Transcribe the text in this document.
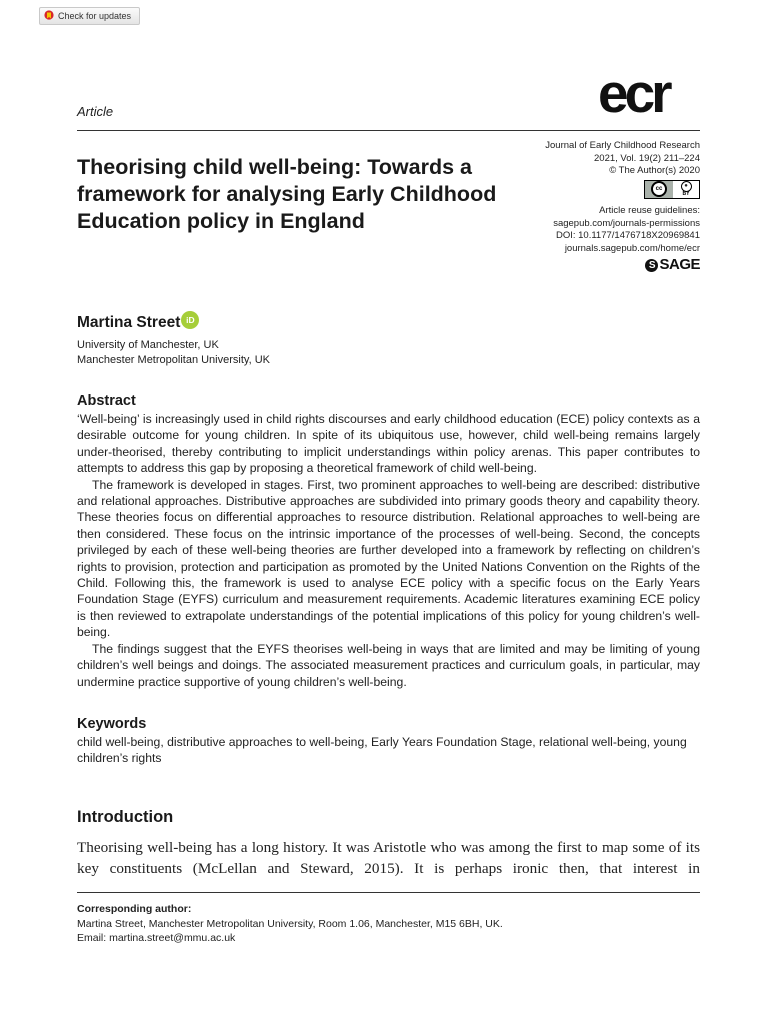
Check for updates
Article	ecr
Theorising child well-being: Towards a framework for analysing Early Childhood Education policy in England
Journal of Early Childhood Research
2021, Vol. 19(2) 211–224
© The Author(s) 2020
cc	●
BY
Article reuse guidelines:
sagepub.com/journals-permissions
DOI: 10.1177/1476718X20969841
journals.sagepub.com/home/ecr
S SAGE
Martina Street iD
University of Manchester, UK
Manchester Metropolitan University, UK
Abstract

‘Well-being’ is increasingly used in child rights discourses and early childhood education (ECE) policy contexts as a desirable outcome for young children. In spite of its ubiquitous use, however, child well-being remains largely under-theorised, thereby contributing to implicit understandings within policy arenas. This paper contributes to attempts to address this gap by proposing a theoretical framework of child well-being.

The framework is developed in stages. First, two prominent approaches to well-being are described: distributive and relational approaches. Distributive approaches are subdivided into primary goods theory and capability theory. These theories focus on differential approaches to resource distribution. Relational approaches to well-being are then considered. These focus on the intrinsic importance of the processes of well-being. Second, the concepts privileged by each of these well-being theories are further developed into a framework by reflecting on children’s rights to provision, protection and participation as promoted by the United Nations Convention on the Rights of the Child. Following this, the framework is used to analyse ECE policy with a specific focus on the Early Years Foundation Stage (EYFS) curriculum and measurement requirements. Academic literatures examining ECE policy is then reviewed to extrapolate understandings of the potential implications of this policy for young children’s well-being.

The findings suggest that the EYFS theorises well-being in ways that are limited and may be limiting of young children’s well beings and doings. The associated measurement practices and curriculum goals, in particular, may undermine practice supportive of young children’s well-being.

Keywords
child well-being, distributive approaches to well-being, Early Years Foundation Stage, relational well-being, young children’s rights
Introduction

Theorising well-being has a long history. It was Aristotle who was among the first to map some of its key constituents (McLellan and Steward, 2015). It is perhaps ironic then, that interest in

Corresponding author:
Martina Street, Manchester Metropolitan University, Room 1.06, Manchester, M15 6BH, UK.
Email: martina.street@mmu.ac.uk
